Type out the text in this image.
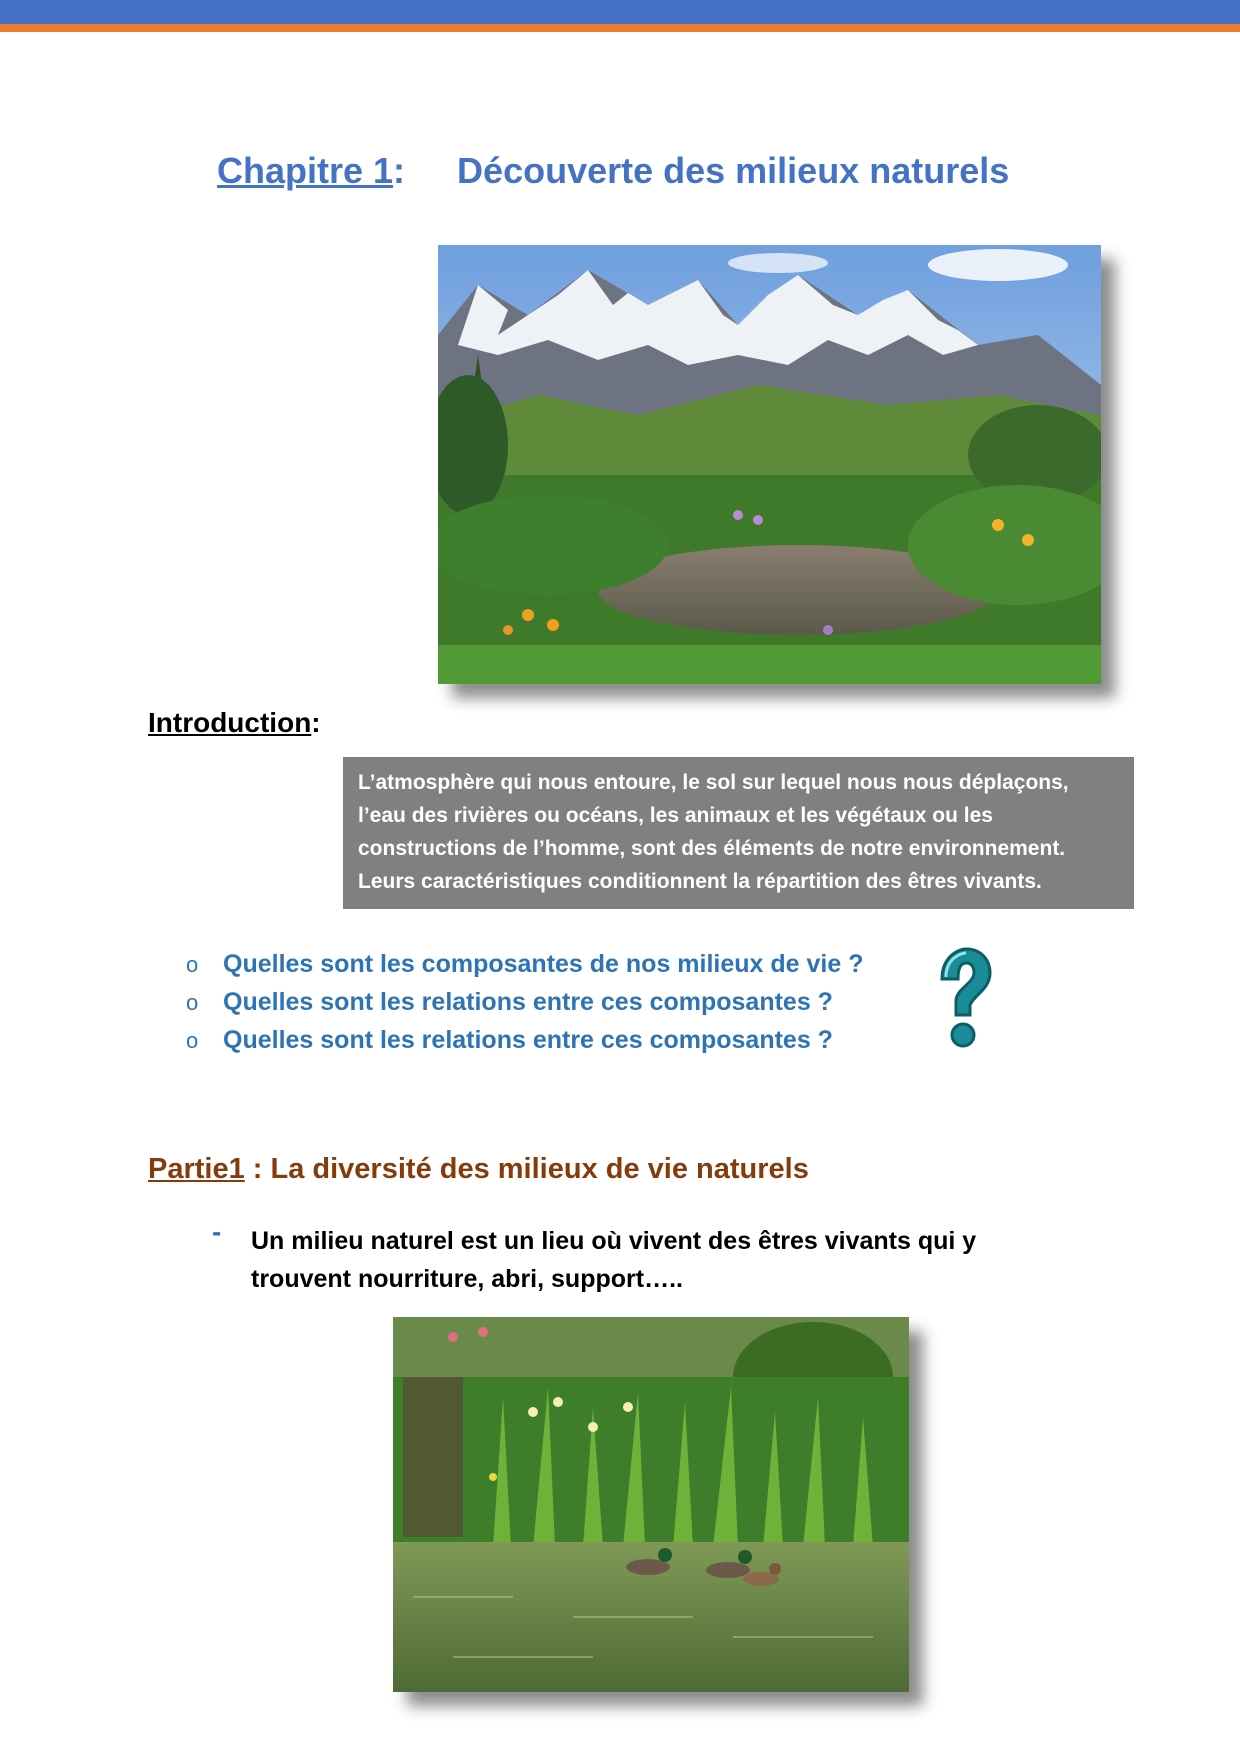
Chapitre 1: Découverte des milieux naturels
Introduction:

L’atmosphère qui nous entoure, le sol sur lequel nous nous déplaçons,

l’eau des rivières ou océans, les animaux et les végétaux ou les

constructions de l’homme, sont des éléments de notre environnement.

Leurs caractéristiques conditionnent la répartition des êtres vivants.

o Quelles sont les composantes de nos milieux de vie ?
o Quelles sont les relations entre ces composantes ?
o Quelles sont les relations entre ces composantes ?
Partie1 : La diversité des milieux de vie naturels
- Un milieu naturel est un lieu où vivent des êtres vivants qui y
trouvent nourriture, abri, support…..
